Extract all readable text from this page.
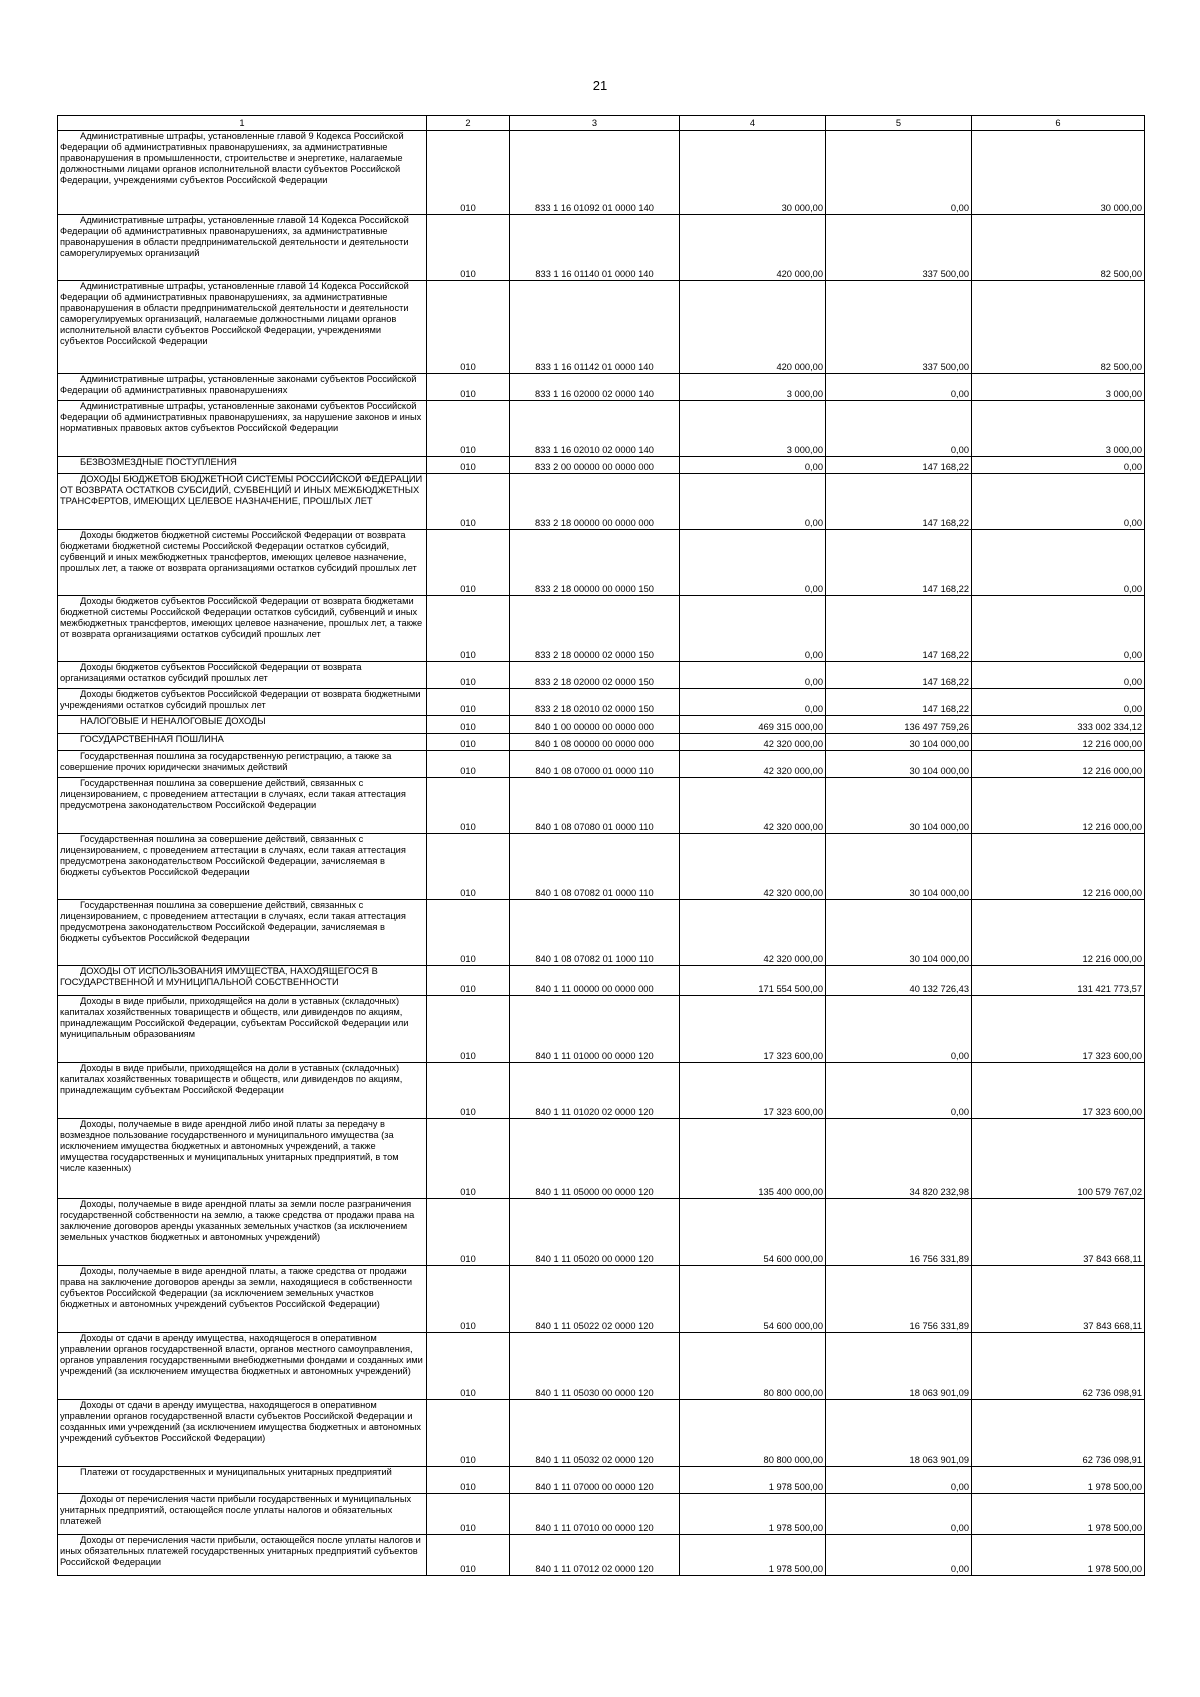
21
1	2	3	4	5	6

Административные штрафы, установленные главой 9 Кодекса Российской Федерации об административных правонарушениях, за административные правонарушения в промышленности, строительстве и энергетике, налагаемые должностными лицами органов исполнительной власти субъектов Российской Федерации, учреждениями субъектов Российской Федерации	010	833 1 16 01092 01 0000 140	30 000,00	0,00	30 000,00

Административные штрафы, установленные главой 14 Кодекса Российской Федерации об административных правонарушениях, за административные правонарушения в области предпринимательской деятельности и деятельности саморегулируемых организаций	010	833 1 16 01140 01 0000 140	420 000,00	337 500,00	82 500,00

Административные штрафы, установленные главой 14 Кодекса Российской Федерации об административных правонарушениях, за административные правонарушения в области предпринимательской деятельности и деятельности саморегулируемых организаций, налагаемые должностными лицами органов исполнительной власти субъектов Российской Федерации, учреждениями субъектов Российской Федерации	010	833 1 16 01142 01 0000 140	420 000,00	337 500,00	82 500,00

Административные штрафы, установленные законами субъектов Российской Федерации об административных правонарушениях	010	833 1 16 02000 02 0000 140	3 000,00	0,00	3 000,00

Административные штрафы, установленные законами субъектов Российской Федерации об административных правонарушениях, за нарушение законов и иных нормативных правовых актов субъектов Российской Федерации	010	833 1 16 02010 02 0000 140	3 000,00	0,00	3 000,00

БЕЗВОЗМЕЗДНЫЕ ПОСТУПЛЕНИЯ	010	833 2 00 00000 00 0000 000	0,00	147 168,22	0,00

ДОХОДЫ БЮДЖЕТОВ БЮДЖЕТНОЙ СИСТЕМЫ РОССИЙСКОЙ ФЕДЕРАЦИИ ОТ ВОЗВРАТА ОСТАТКОВ СУБСИДИЙ, СУБВЕНЦИЙ И ИНЫХ МЕЖБЮДЖЕТНЫХ ТРАНСФЕРТОВ, ИМЕЮЩИХ ЦЕЛЕВОЕ НАЗНАЧЕНИЕ, ПРОШЛЫХ ЛЕТ	010	833 2 18 00000 00 0000 000	0,00	147 168,22	0,00

Доходы бюджетов бюджетной системы Российской Федерации от возврата бюджетами бюджетной системы Российской Федерации остатков субсидий, субвенций и иных межбюджетных трансфертов, имеющих целевое назначение, прошлых лет, а также от возврата организациями остатков субсидий прошлых лет	010	833 2 18 00000 00 0000 150	0,00	147 168,22	0,00

Доходы бюджетов субъектов Российской Федерации от возврата бюджетами бюджетной системы Российской Федерации остатков субсидий, субвенций и иных межбюджетных трансфертов, имеющих целевое назначение, прошлых лет, а также от возврата организациями остатков субсидий прошлых лет	010	833 2 18 00000 02 0000 150	0,00	147 168,22	0,00

Доходы бюджетов субъектов Российской Федерации от возврата организациями остатков субсидий прошлых лет	010	833 2 18 02000 02 0000 150	0,00	147 168,22	0,00

Доходы бюджетов субъектов Российской Федерации от возврата бюджетными учреждениями остатков субсидий прошлых лет	010	833 2 18 02010 02 0000 150	0,00	147 168,22	0,00

НАЛОГОВЫЕ И НЕНАЛОГОВЫЕ ДОХОДЫ	010	840 1 00 00000 00 0000 000	469 315 000,00	136 497 759,26	333 002 334,12

ГОСУДАРСТВЕННАЯ ПОШЛИНА	010	840 1 08 00000 00 0000 000	42 320 000,00	30 104 000,00	12 216 000,00

Государственная пошлина за государственную регистрацию, а также за совершение прочих юридически значимых действий	010	840 1 08 07000 01 0000 110	42 320 000,00	30 104 000,00	12 216 000,00

Государственная пошлина за совершение действий, связанных с лицензированием, с проведением аттестации в случаях, если такая аттестация предусмотрена законодательством Российской Федерации	010	840 1 08 07080 01 0000 110	42 320 000,00	30 104 000,00	12 216 000,00

Государственная пошлина за совершение действий, связанных с лицензированием, с проведением аттестации в случаях, если такая аттестация предусмотрена законодательством Российской Федерации, зачисляемая в бюджеты субъектов Российской Федерации	010	840 1 08 07082 01 0000 110	42 320 000,00	30 104 000,00	12 216 000,00

Государственная пошлина за совершение действий, связанных с лицензированием, с проведением аттестации в случаях, если такая аттестация предусмотрена законодательством Российской Федерации, зачисляемая в бюджеты субъектов Российской Федерации	010	840 1 08 07082 01 1000 110	42 320 000,00	30 104 000,00	12 216 000,00

ДОХОДЫ ОТ ИСПОЛЬЗОВАНИЯ ИМУЩЕСТВА, НАХОДЯЩЕГОСЯ В ГОСУДАРСТВЕННОЙ И МУНИЦИПАЛЬНОЙ СОБСТВЕННОСТИ	010	840 1 11 00000 00 0000 000	171 554 500,00	40 132 726,43	131 421 773,57

Доходы в виде прибыли, приходящейся на доли в уставных (складочных) капиталах хозяйственных товариществ и обществ, или дивидендов по акциям, принадлежащим Российской Федерации, субъектам Российской Федерации или муниципальным образованиям	010	840 1 11 01000 00 0000 120	17 323 600,00	0,00	17 323 600,00

Доходы в виде прибыли, приходящейся на доли в уставных (складочных) капиталах хозяйственных товариществ и обществ, или дивидендов по акциям, принадлежащим субъектам Российской Федерации	010	840 1 11 01020 02 0000 120	17 323 600,00	0,00	17 323 600,00

Доходы, получаемые в виде арендной либо иной платы за передачу в возмездное пользование государственного и муниципального имущества (за исключением имущества бюджетных и автономных учреждений, а также имущества государственных и муниципальных унитарных предприятий, в том числе казенных)	010	840 1 11 05000 00 0000 120	135 400 000,00	34 820 232,98	100 579 767,02

Доходы, получаемые в виде арендной платы за земли после разграничения государственной собственности на землю, а также средства от продажи права на заключение договоров аренды указанных земельных участков (за исключением земельных участков бюджетных и автономных учреждений)	010	840 1 11 05020 00 0000 120	54 600 000,00	16 756 331,89	37 843 668,11

Доходы, получаемые в виде арендной платы, а также средства от продажи права на заключение договоров аренды за земли, находящиеся в собственности субъектов Российской Федерации (за исключением земельных участков бюджетных и автономных учреждений субъектов Российской Федерации)	010	840 1 11 05022 02 0000 120	54 600 000,00	16 756 331,89	37 843 668,11

Доходы от сдачи в аренду имущества, находящегося в оперативном управлении органов государственной власти, органов местного самоуправления, органов управления государственными внебюджетными фондами и созданных ими учреждений (за исключением имущества бюджетных и автономных учреждений)	010	840 1 11 05030 00 0000 120	80 800 000,00	18 063 901,09	62 736 098,91

Доходы от сдачи в аренду имущества, находящегося в оперативном управлении органов государственной власти субъектов Российской Федерации и созданных ими учреждений (за исключением имущества бюджетных и автономных учреждений субъектов Российской Федерации)	010	840 1 11 05032 02 0000 120	80 800 000,00	18 063 901,09	62 736 098,91

Платежи от государственных и муниципальных унитарных предприятий	010	840 1 11 07000 00 0000 120	1 978 500,00	0,00	1 978 500,00

Доходы от перечисления части прибыли государственных и муниципальных унитарных предприятий, остающейся после уплаты налогов и обязательных платежей	010	840 1 11 07010 00 0000 120	1 978 500,00	0,00	1 978 500,00

Доходы от перечисления части прибыли, остающейся после уплаты налогов и иных обязательных платежей государственных унитарных предприятий субъектов Российской Федерации	010	840 1 11 07012 02 0000 120	1 978 500,00	0,00	1 978 500,00
